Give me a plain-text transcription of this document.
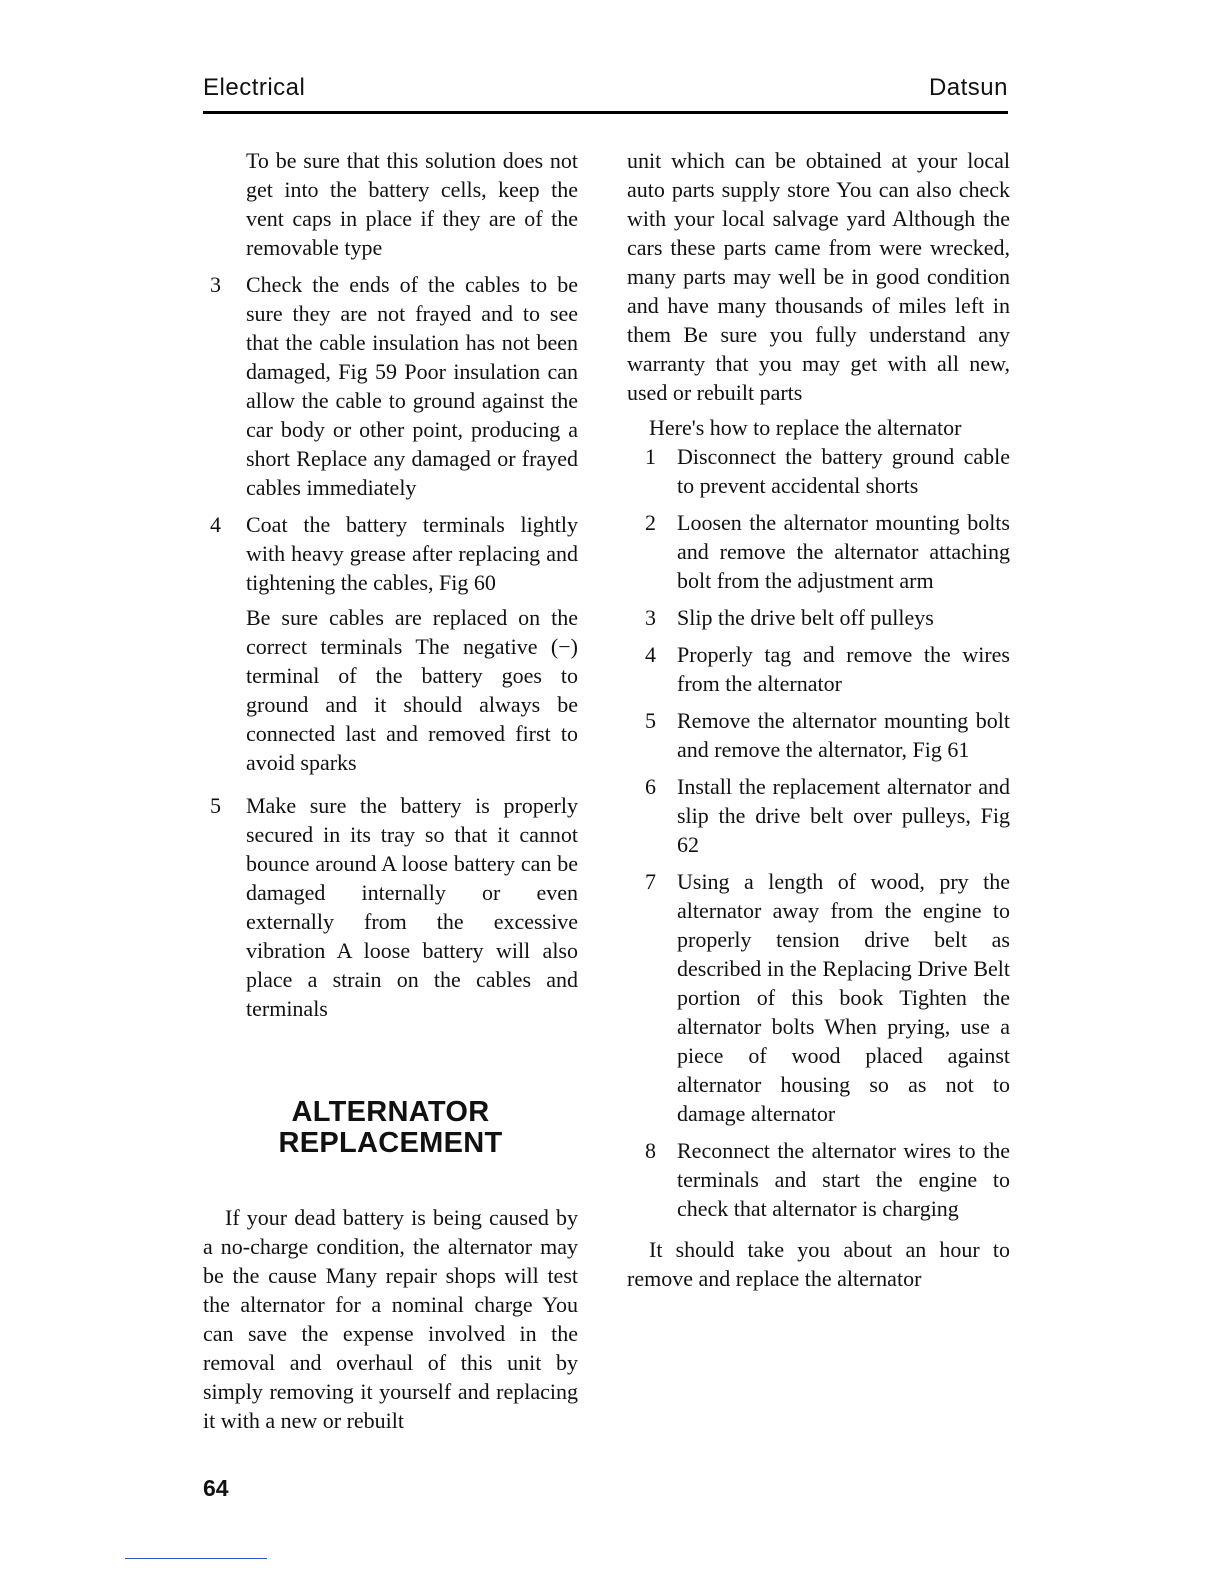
Electrical	Datsun

To be sure that this solution does not get into the battery cells, keep the vent caps in place if they are of the removable type

3 Check the ends of the cables to be sure they are not frayed and to see that the cable insulation has not been damaged, Fig 59 Poor insulation can allow the cable to ground against the car body or other point, producing a short Replace any damaged or frayed cables immediately
4 Coat the battery terminals lightly with heavy grease after replacing and tightening the cables, Fig 60

Be sure cables are replaced on the correct terminals The negative (−) terminal of the battery goes to ground and it should always be connected last and removed first to avoid sparks

5 Make sure the battery is properly secured in its tray so that it cannot bounce around A loose battery can be damaged internally or even externally from the excessive vibration A loose battery will also place a strain on the cables and terminals
ALTERNATOR
REPLACEMENT

If your dead battery is being caused by a no-charge condition, the alternator may be the cause Many repair shops will test the alternator for a nominal charge You can save the expense involved in the removal and overhaul of this unit by simply removing it yourself and replacing it with a new or rebuilt

unit which can be obtained at your local auto parts supply store You can also check with your local salvage yard Although the cars these parts came from were wrecked, many parts may well be in good condition and have many thousands of miles left in them Be sure you fully understand any warranty that you may get with all new, used or rebuilt parts

Here's how to replace the alternator

1 Disconnect the battery ground cable to prevent accidental shorts
2 Loosen the alternator mounting bolts and remove the alternator attaching bolt from the adjustment arm
3 Slip the drive belt off pulleys
4 Properly tag and remove the wires from the alternator
5 Remove the alternator mounting bolt and remove the alternator, Fig 61
6 Install the replacement alternator and slip the drive belt over pulleys, Fig 62
7 Using a length of wood, pry the alternator away from the engine to properly tension drive belt as described in the Replacing Drive Belt portion of this book Tighten the alternator bolts When prying, use a piece of wood placed against alternator housing so as not to damage alternator
8 Reconnect the alternator wires to the terminals and start the engine to check that alternator is charging

It should take you about an hour to remove and replace the alternator

64
